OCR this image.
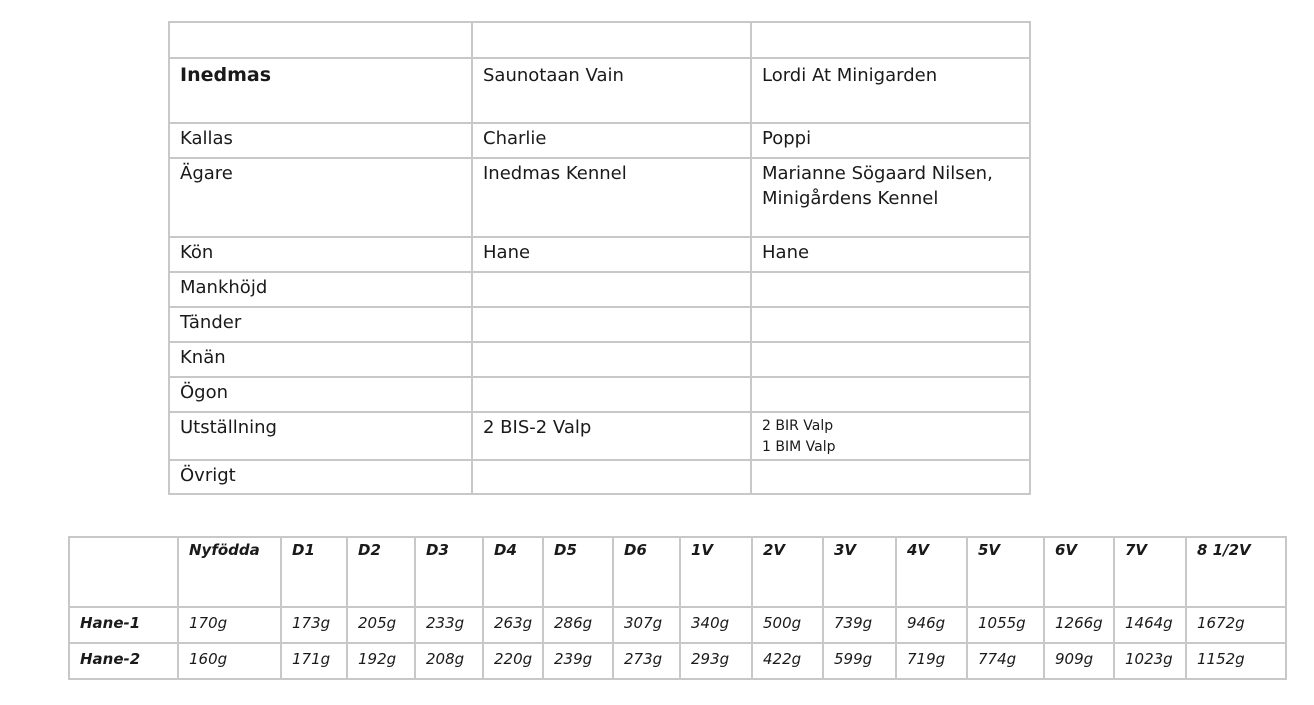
Inedmas	Saunotaan Vain	Lordi At Minigarden
Kallas	Charlie	Poppi
Ägare	Inedmas Kennel	Marianne Sögaard Nilsen, Minigårdens Kennel
Kön	Hane	Hane
Mankhöjd		
Tänder		
Knän		
Ögon		
Utställning	2 BIS-2 Valp	2 BIR Valp
1 BIM Valp

Övrigt		
	Nyfödda	D1	D2	D3	D4	D5	D6	1V	2V	3V	4V	5V	6V	7V	8 1/2V
Hane-1	170g	173g	205g	233g	263g	286g	307g	340g	500g	739g	946g	1055g	1266g	1464g	1672g
Hane-2	160g	171g	192g	208g	220g	239g	273g	293g	422g	599g	719g	774g	909g	1023g	1152g
